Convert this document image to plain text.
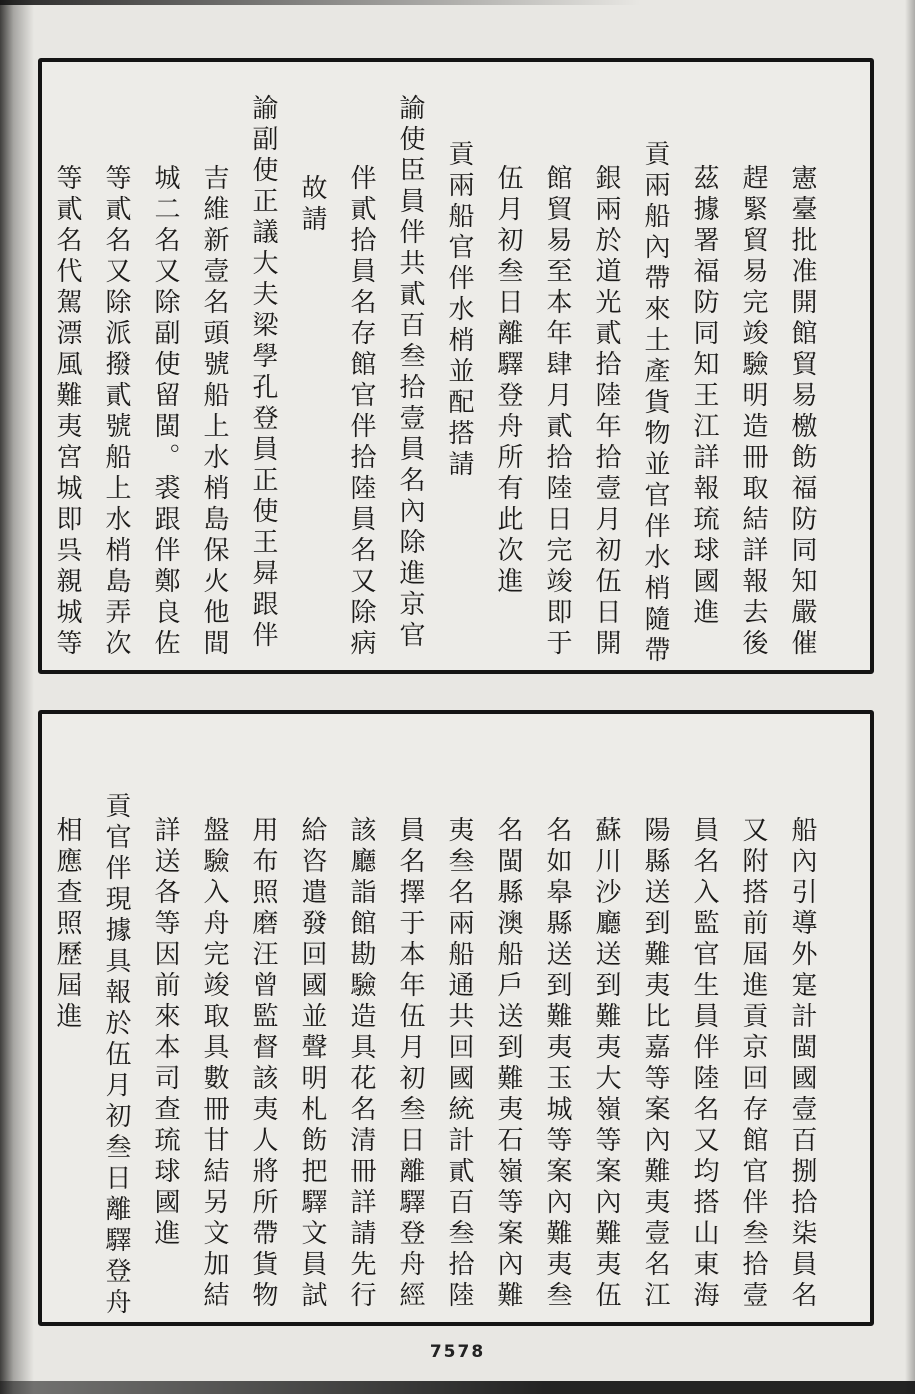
憲臺批准開館貿易檄飭福防同知嚴催
趕緊貿易完竣驗明造冊取結詳報去後
茲據署福防同知王江詳報琉球國進
貢兩船內帶來土產貨物並官伴水梢隨帶
銀兩於道光貳拾陸年拾壹月初伍日開
館貿易至本年肆月貳拾陸日完竣即于
伍月初叁日離驛登舟所有此次進
貢兩船官伴水梢並配搭請
諭使臣員伴共貳百叁拾壹員名內除進京官
伴貳拾員名存館官伴拾陸員名又除病
故請
諭副使正議大夫梁學孔登員正使王曻跟伴
吉維新壹名頭號船上水梢島保火他間
城二名又除副使留閩。裘跟伴鄭良佐
等貳名又除派撥貳號船上水梢島弄次
等貳名代駕漂風難夷宮城即呉親城等
船內引導外寔計閩國壹百捌拾柒員名
又附搭前屆進貢京回存館官伴叁拾壹
員名入監官生員伴陸名又均搭山東海
陽縣送到難夷比嘉等案內難夷壹名江
蘇川沙廳送到難夷大嶺等案內難夷伍
名如皋縣送到難夷玉城等案內難夷叁
名閩縣澳船戶送到難夷石嶺等案內難
夷叁名兩船通共回國統計貳百叁拾陸
員名擇于本年伍月初叁日離驛登舟經
該廳詣館勘驗造具花名清冊詳請先行
給咨遣發回國並聲明札飭把驛文員試
用布照磨汪曾監督該夷人將所帶貨物
盤驗入舟完竣取具數冊甘結另文加結
詳送各等因前來本司查琉球國進
貢官伴現據具報於伍月初叁日離驛登舟
相應查照歷屆進
7578
